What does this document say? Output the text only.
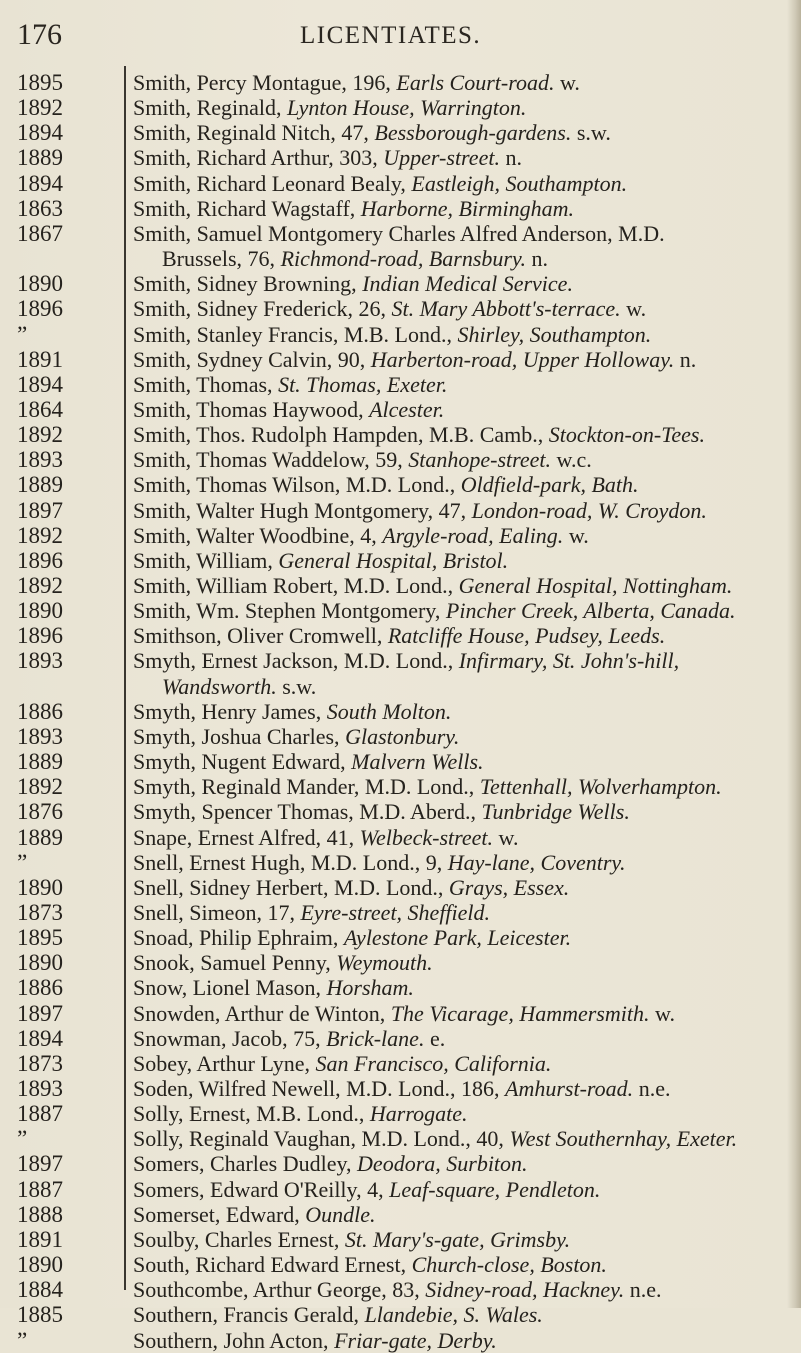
176	LICENTIATES.
1895	Smith, Percy Montague, 196, Earls Court-road. w.
1892	Smith, Reginald, Lynton House, Warrington.
1894	Smith, Reginald Nitch, 47, Bessborough-gardens. s.w.
1889	Smith, Richard Arthur, 303, Upper-street. n.
1894	Smith, Richard Leonard Bealy, Eastleigh, Southampton.
1863	Smith, Richard Wagstaff, Harborne, Birmingham.
1867	Smith, Samuel Montgomery Charles Alfred Anderson, M.D.
Brussels, 76, Richmond-road, Barnsbury. n.
1890	Smith, Sidney Browning, Indian Medical Service.
1896	Smith, Sidney Frederick, 26, St. Mary Abbott's-terrace. w.
”	Smith, Stanley Francis, M.B. Lond., Shirley, Southampton.
1891	Smith, Sydney Calvin, 90, Harberton-road, Upper Holloway. n.
1894	Smith, Thomas, St. Thomas, Exeter.
1864	Smith, Thomas Haywood, Alcester.
1892	Smith, Thos. Rudolph Hampden, M.B. Camb., Stockton-on-Tees.
1893	Smith, Thomas Waddelow, 59, Stanhope-street. w.c.
1889	Smith, Thomas Wilson, M.D. Lond., Oldfield-park, Bath.
1897	Smith, Walter Hugh Montgomery, 47, London-road, W. Croydon.
1892	Smith, Walter Woodbine, 4, Argyle-road, Ealing. w.
1896	Smith, William, General Hospital, Bristol.
1892	Smith, William Robert, M.D. Lond., General Hospital, Nottingham.
1890	Smith, Wm. Stephen Montgomery, Pincher Creek, Alberta, Canada.
1896	Smithson, Oliver Cromwell, Ratcliffe House, Pudsey, Leeds.
1893	Smyth, Ernest Jackson, M.D. Lond., Infirmary, St. John's-hill,
Wandsworth. s.w.
1886	Smyth, Henry James, South Molton.
1893	Smyth, Joshua Charles, Glastonbury.
1889	Smyth, Nugent Edward, Malvern Wells.
1892	Smyth, Reginald Mander, M.D. Lond., Tettenhall, Wolverhampton.
1876	Smyth, Spencer Thomas, M.D. Aberd., Tunbridge Wells.
1889	Snape, Ernest Alfred, 41, Welbeck-street. w.
”	Snell, Ernest Hugh, M.D. Lond., 9, Hay-lane, Coventry.
1890	Snell, Sidney Herbert, M.D. Lond., Grays, Essex.
1873	Snell, Simeon, 17, Eyre-street, Sheffield.
1895	Snoad, Philip Ephraim, Aylestone Park, Leicester.
1890	Snook, Samuel Penny, Weymouth.
1886	Snow, Lionel Mason, Horsham.
1897	Snowden, Arthur de Winton, The Vicarage, Hammersmith. w.
1894	Snowman, Jacob, 75, Brick-lane. e.
1873	Sobey, Arthur Lyne, San Francisco, California.
1893	Soden, Wilfred Newell, M.D. Lond., 186, Amhurst-road. n.e.
1887	Solly, Ernest, M.B. Lond., Harrogate.
”	Solly, Reginald Vaughan, M.D. Lond., 40, West Southernhay, Exeter.
1897	Somers, Charles Dudley, Deodora, Surbiton.
1887	Somers, Edward O'Reilly, 4, Leaf-square, Pendleton.
1888	Somerset, Edward, Oundle.
1891	Soulby, Charles Ernest, St. Mary's-gate, Grimsby.
1890	South, Richard Edward Ernest, Church-close, Boston.
1884	Southcombe, Arthur George, 83, Sidney-road, Hackney. n.e.
1885	Southern, Francis Gerald, Llandebie, S. Wales.
”	Southern, John Acton, Friar-gate, Derby.
